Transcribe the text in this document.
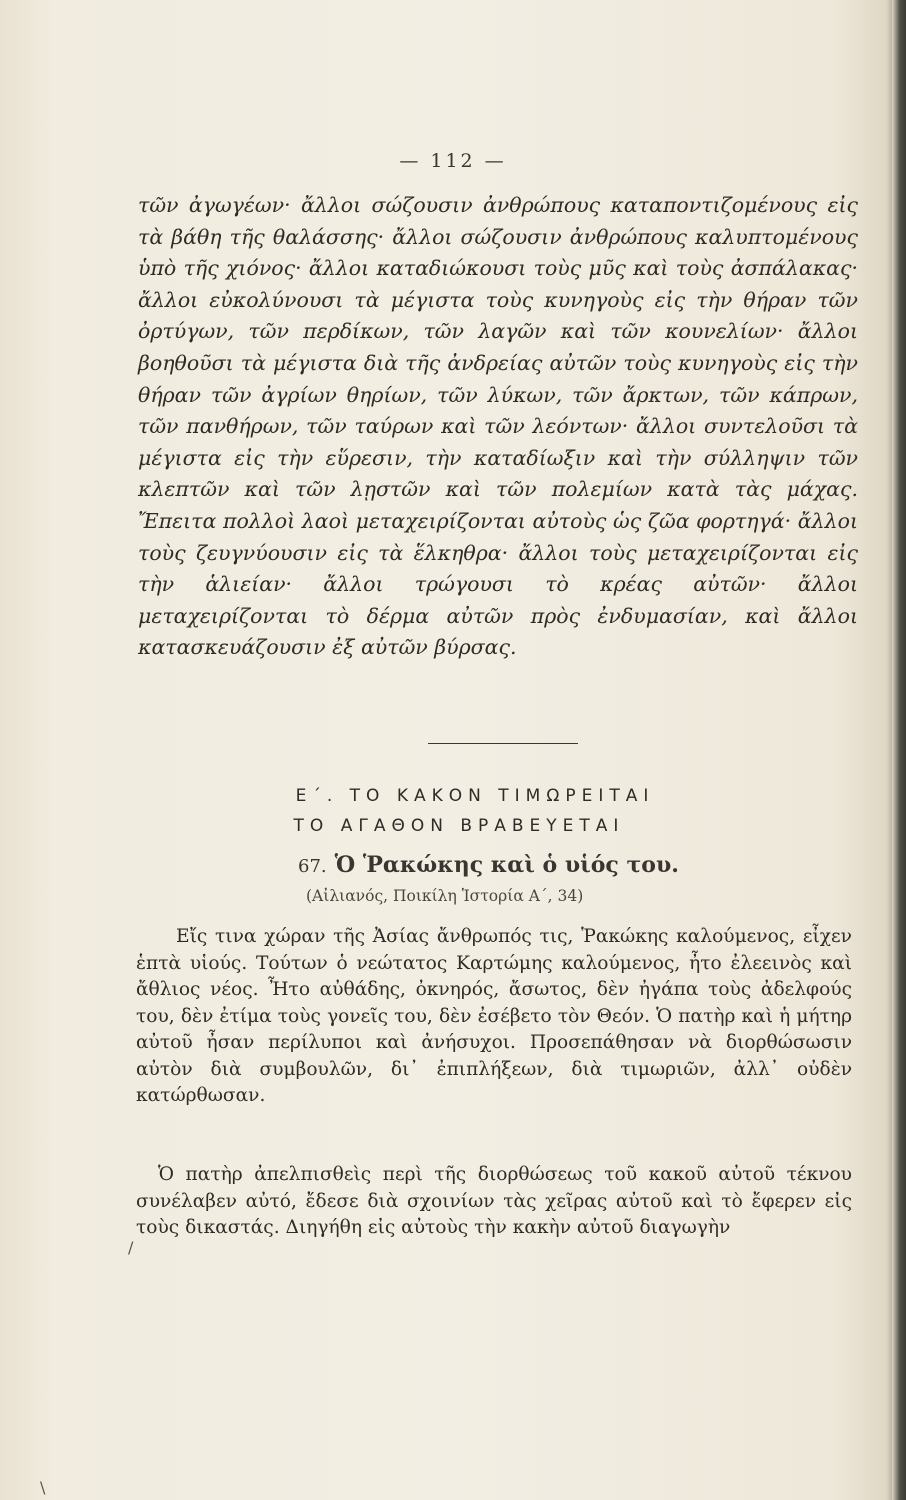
— 112 —
τῶν ἀγωγέων· ἄλλοι σώζουσιν ἀνθρώπους καταποντιζομένους εἰς τὰ βάθη τῆς θαλάσσης· ἄλλοι σώζουσιν ἀνθρώπους καλυπτομένους ὑπὸ τῆς χιόνος· ἄλλοι καταδιώκουσι τοὺς μῦς καὶ τοὺς ἀσπάλακας· ἄλλοι εὐκολύνουσι τὰ μέγιστα τοὺς κυνηγοὺς εἰς τὴν θήραν τῶν ὀρτύγων, τῶν περδίκων, τῶν λαγῶν καὶ τῶν κουνελίων· ἄλλοι βοηθοῦσι τὰ μέγιστα διὰ τῆς ἀνδρείας αὐτῶν τοὺς κυνηγοὺς εἰς τὴν θήραν τῶν ἀγρίων θηρίων, τῶν λύκων, τῶν ἄρκτων, τῶν κάπρων, τῶν πανθήρων, τῶν ταύρων καὶ τῶν λεόντων· ἄλλοι συντελοῦσι τὰ μέγιστα εἰς τὴν εὕρεσιν, τὴν καταδίωξιν καὶ τὴν σύλληψιν τῶν κλεπτῶν καὶ τῶν λῃστῶν καὶ τῶν πολεμίων κατὰ τὰς μάχας. Ἔπειτα πολλοὶ λαοὶ μεταχειρίζονται αὐτοὺς ὡς ζῶα φορτηγά· ἄλλοι τοὺς ζευγνύουσιν εἰς τὰ ἕλκηθρα· ἄλλοι τοὺς μεταχειρίζονται εἰς τὴν ἁλιείαν· ἄλλοι τρώγουσι τὸ κρέας αὐτῶν· ἄλλοι μεταχειρίζονται τὸ δέρμα αὐτῶν πρὸς ἐνδυμασίαν, καὶ ἄλλοι κατασκευάζουσιν ἐξ αὐτῶν βύρσας.
Ε΄. ΤΟ ΚΑΚΟΝ ΤΙΜΩΡΕΙΤΑΙ
ΤΟ ΑΓΑΘΟΝ ΒΡΑΒΕΥΕΤΑΙ
67. Ὁ Ῥακώκης καὶ ὁ υἱός του.
(Αἰλιανός, Ποικίλη Ἱστορία Α΄, 34)
Εἴς τινα χώραν τῆς Ἀσίας ἄνθρωπός τις, Ῥακώκης καλούμενος, εἶχεν ἑπτὰ υἱούς. Τούτων ὁ νεώτατος Καρτώμης καλούμενος, ἦτο ἐλεεινὸς καὶ ἄθλιος νέος. Ἦτο αὐθάδης, ὀκνηρός, ἄσωτος, δὲν ἠγάπα τοὺς ἀδελφούς του, δὲν ἐτίμα τοὺς γονεῖς του, δὲν ἐσέβετο τὸν Θεόν. Ὁ πατὴρ καὶ ἡ μήτηρ αὐτοῦ ἦσαν περίλυποι καὶ ἀνήσυχοι. Προσεπάθησαν νὰ διορθώσωσιν αὐτὸν διὰ συμβουλῶν, δι᾽ ἐπιπλήξεων, διὰ τιμωριῶν, ἀλλ᾽ οὐδὲν κατώρθωσαν.
Ὁ πατὴρ ἀπελπισθεὶς περὶ τῆς διορθώσεως τοῦ κακοῦ αὐτοῦ τέκνου συνέλαβεν αὐτό, ἔδεσε διὰ σχοινίων τὰς χεῖρας αὐτοῦ καὶ τὸ ἔφερεν εἰς τοὺς δικαστάς. Διηγήθη εἰς αὐτοὺς τὴν κακὴν αὐτοῦ διαγωγὴν
/
\
